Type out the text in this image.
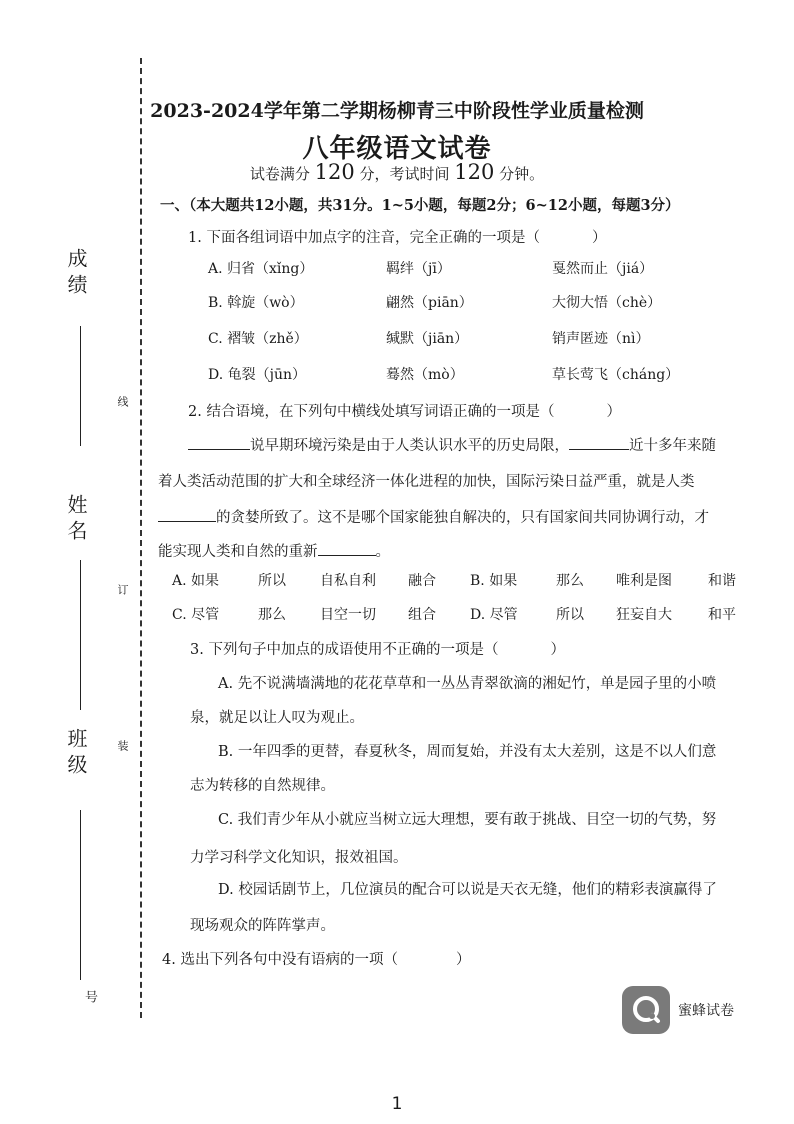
成绩
姓名
班级
线
订
装
号
2023-2024学年第二学期杨柳青三中阶段性学业质量检测
八年级语文试卷
试卷满分 120 分，考试时间 120 分钟。
一、（本大题共12小题，共31分。1~5小题，每题2分；6~12小题，每题3分）
1. 下面各组词语中加点字的注音，完全正确的一项是（	）
A. 归省（xǐng）	羁绊（jī）	戛然而止（jiá）
B. 斡旋（wò）	翩然（piān）	大彻大悟（chè）
C. 褶皱（zhě）	缄默（jiān）	销声匿迹（nì）
D. 龟裂（jūn）	蓦然（mò）	草长莺飞（cháng）
2. 结合语境，在下列句中横线处填写词语正确的一项是（	）
说早期环境污染是由于人类认识水平的历史局限，	近十多年来随
着人类活动范围的扩大和全球经济一体化进程的加快，国际污染日益严重，就是人类
的贪婪所致了。这不是哪个国家能独自解决的，只有国家间共同协调行动，才
能实现人类和自然的重新	。
A. 如果	所以 自私自利 融合 B. 如果	那么 唯利是图	和谐
C. 尽管	那么 目空一切 组合 D. 尽管	所以 狂妄自大	和平
3. 下列句子中加点的成语使用不正确的一项是（	）
A. 先不说满墙满地的花花草草和一丛丛青翠欲滴的湘妃竹，单是园子里的小喷
泉，就足以让人叹为观止。
B. 一年四季的更替，春夏秋冬，周而复始，并没有太大差别，这是不以人们意
志为转移的自然规律。
C. 我们青少年从小就应当树立远大理想，要有敢于挑战、目空一切的气势，努
力学习科学文化知识，报效祖国。
D. 校园话剧节上，几位演员的配合可以说是天衣无缝，他们的精彩表演赢得了
现场观众的阵阵掌声。
4. 选出下列各句中没有语病的一项（	）
蜜蜂试卷
1
